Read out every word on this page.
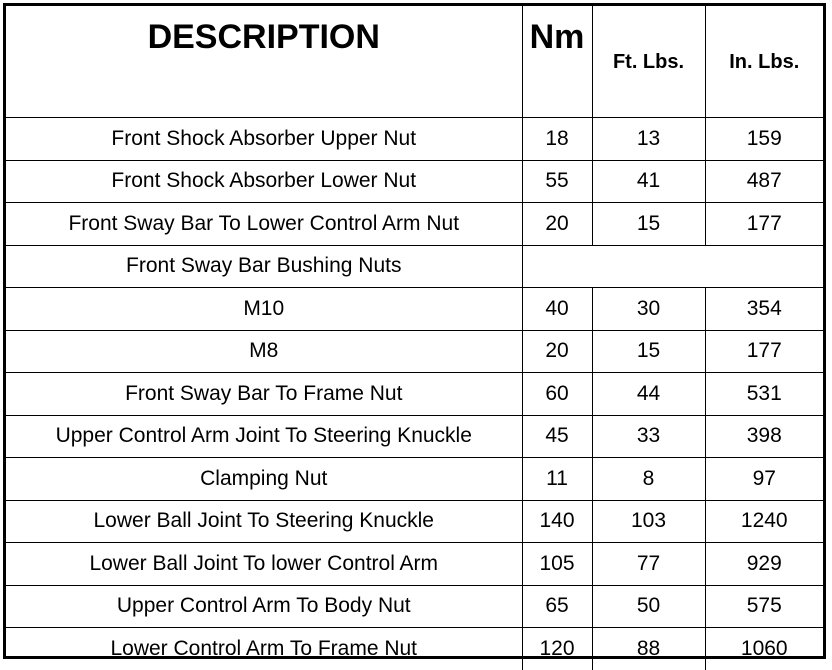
DESCRIPTION	Nm	Ft. Lbs.	In. Lbs.
Front Shock Absorber Upper Nut	18	13	159
Front Shock Absorber Lower Nut	55	41	487
Front Sway Bar To Lower Control Arm Nut	20	15	177
Front Sway Bar Bushing Nuts			
M10	40	30	354
M8	20	15	177
Front Sway Bar To Frame Nut	60	44	531
Upper Control Arm Joint To Steering Knuckle	45	33	398
Clamping Nut	11	8	97
Lower Ball Joint To Steering Knuckle	140	103	1240
Lower Ball Joint To lower Control Arm	105	77	929
Upper Control Arm To Body Nut	65	50	575
Lower Control Arm To Frame Nut	120	88	1060
